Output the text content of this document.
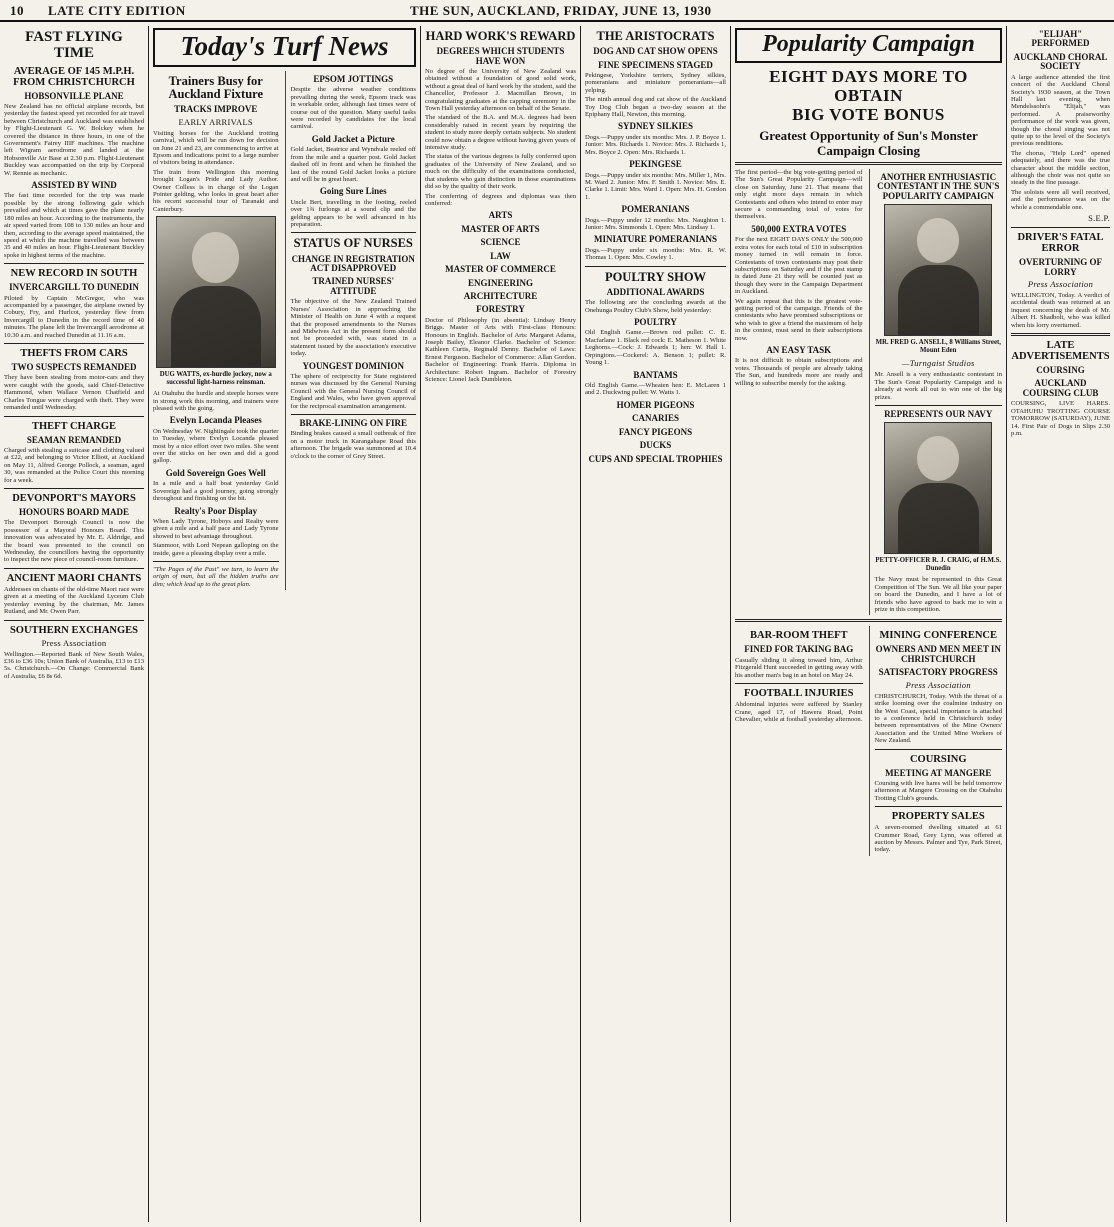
10 LATE CITY EDITION	THE SUN, AUCKLAND, FRIDAY, JUNE 13, 1930
FAST FLYING TIME
AVERAGE OF 145 M.P.H. FROM CHRISTCHURCH
HOBSONVILLE PLANE

New Zealand has no official airplane records, but yesterday the fastest speed yet recorded for air travel between Christchurch and Auckland was established by Flight-Lieutenant G. W. Bolckey when he covered the distance in three hours, in one of the Government's Fairey IIIF machines. The machine left Wigram aerodrome and landed at the Hobsonville Air Base at 2.30 p.m. Flight-Lieutenant Buckley was accompanied on the trip by Corporal W. Rennie as mechanic.

ASSISTED BY WIND

The fast time recorded for the trip was made possible by the strong following gale which prevailed and which at times gave the plane nearly 180 miles an hour. According to the instruments, the air speed varied from 108 to 130 miles an hour and then, according to the average speed maintained, the speed at which the machine travelled was between 35 and 40 miles an hour. Flight-Lieutenant Buckley spoke in highest terms of the machine.

NEW RECORD IN SOUTH
INVERCARGILL TO DUNEDIN

Piloted by Captain McGregor, who was accompanied by a passenger, the airplane owned by Cobury, Fry, and Hurlcot, yesterday flew from Invercargill to Dunedin in the record time of 40 minutes. The plane left the Invercargill aerodrome at 10.30 a.m. and reached Dunedin at 11.16 a.m.

THEFTS FROM CARS
TWO SUSPECTS REMANDED

They have been stealing from motor-cars and they were caught with the goods, said Chief-Detective Hammond, when Wallace Vernon Chatfield and Charles Tongue were charged with theft. They were remanded until Wednesday.

THEFT CHARGE
SEAMAN REMANDED

Charged with stealing a suitcase and clothing valued at £22, and belonging to Victor Elliott, at Auckland on May 11, Alfred George Pollock, a seaman, aged 30, was remanded at the Police Court this morning for a week.

DEVONPORT'S MAYORS
HONOURS BOARD MADE

The Devonport Borough Council is now the possessor of a Mayoral Honours Board. This innovation was advocated by Mr. E. Aldridge, and the board was presented to the council on Wednesday, the councillors having the opportunity to inspect the new piece of council-room furniture.

ANCIENT MAORI CHANTS

Addresses on chants of the old-time Maori race were given at a meeting of the Auckland Lyceum Club yesterday evening by the chairman, Mr. James Rutland, and Mr. Owen Parr.

SOUTHERN EXCHANGES
Press Association

Wellington.—Reported Bank of New South Wales, £36 to £36 10s; Union Bank of Australia, £13 to £13 5s. Christchurch.—On Change: Commercial Bank of Australia, £6 8s 6d.

Today's Turf News
Trainers Busy for Auckland Fixture
TRACKS IMPROVE
EARLY ARRIVALS

Visiting horses for the Auckland trotting carnival, which will be run down for decision on June 21 and 23, are commencing to arrive at Epsom and indications point to a large number of visitors being in attendance.

The train from Wellington this morning brought Logan's Pride and Lady Author. Owner Colless is in charge of the Logan Pointer gelding, who looks in great heart after his recent successful tour of Taranaki and Canterbury.

DUG WATTS, ex-hurdle jockey, now a successful light-harness reinsman.

At Otahuhu the hurdle and steeple horses were in strong work this morning, and trainers were pleased with the going.

Evelyn Locanda Pleases

On Wednesday W. Nightingale took the quarter to Tuesday, where Evelyn Locanda pleased most by a nice effort over two miles. She went over the sticks on her own and did a good gallop.

Gold Sovereign Goes Well

In a mile and a half boat yesterday Gold Sovereign had a good journey, going strongly throughout and finishing on the bit.

Realty's Poor Display

When Lady Tyrone, Hoboys and Realty were given a mile and a half pace and Lady Tyrone showed to best advantage throughout.

Stanmoor, with Lord Nepean galloping on the inside, gave a pleasing display over a mile.

"The Pages of the Past" we turn, to learn the origin of man, but all the hidden truths are dim; which lead up to the great plan.

EPSOM JOTTINGS

Despite the adverse weather conditions prevailing during the week, Epsom track was in workable order, although fast times were of course out of the question. Many useful tasks were recorded by candidates for the local carnival.

Gold Jacket a Picture

Gold Jacket, Beatrice and Wyndvale reeled off from the mile and a quarter post. Gold Jacket dashed off in front and when he finished the last of the round Gold Jacket looks a picture and will be in great heart.

Going Sure Lines

Uncle Bert, travelling in the footing, reeled over 1¾ furlongs at a sound clip and the gelding appears to be well advanced in his preparation.

STATUS OF NURSES
CHANGE IN REGISTRATION ACT DISAPPROVED
TRAINED NURSES' ATTITUDE

The objective of the New Zealand Trained Nurses' Association in approaching the Minister of Health on June 4 with a request that the proposed amendments to the Nurses and Midwives Act in the present form should not be proceeded with, was stated in a statement issued by the association's executive today.

YOUNGEST DOMINION

The sphere of reciprocity for State registered nurses was discussed by the General Nursing Council with the General Nursing Council of England and Wales, who have given approval for the reciprocal examination arrangement.

BRAKE-LINING ON FIRE

Binding brakes caused a small outbreak of fire on a motor truck in Karangahape Road this afternoon. The brigade was summoned at 10.4 o'clock to the corner of Grey Street.

HARD WORK'S REWARD
DEGREES WHICH STUDENTS HAVE WON

No degree of the University of New Zealand was obtained without a foundation of good solid work, without a great deal of hard work by the student, said the Chancellor, Professor J. Macmillan Brown, in congratulating graduates at the capping ceremony in the Town Hall yesterday afternoon on behalf of the Senate.

The standard of the B.A. and M.A. degrees had been considerably raised in recent years by requiring the student to study more deeply certain subjects. No student could now obtain a degree without having given years of intensive study.

The status of the various degrees is fully conferred upon graduates of the University of New Zealand, and so much on the difficulty of the examinations conducted, that students who gain distinction in those examinations did so by the quality of their work.

The conferring of degrees and diplomas was then conferred:

ARTS
MASTER OF ARTS
SCIENCE
LAW
MASTER OF COMMERCE
ENGINEERING
ARCHITECTURE
FORESTRY

Doctor of Philosophy (in absentia): Lindsay Henry Briggs. Master of Arts with First-class Honours: Honours in English. Bachelor of Arts: Margaret Adams, Joseph Bailey, Eleanor Clarke. Bachelor of Science: Kathleen Curtis, Reginald Denny. Bachelor of Laws: Ernest Ferguson. Bachelor of Commerce: Allan Gordon. Bachelor of Engineering: Frank Harris. Diploma in Architecture: Robert Ingram. Bachelor of Forestry Science: Lionel Jack Dumbleton.

THE ARISTOCRATS
DOG AND CAT SHOW OPENS
FINE SPECIMENS STAGED

Pekingese, Yorkshire terriers, Sydney silkies, pomeranians and miniature pomeranians—all yelping.

The ninth annual dog and cat show of the Auckland Toy Dog Club began a two-day season at the Epiphany Hall, Newton, this morning.

SYDNEY SILKIES

Dogs.—Puppy under six months: Mrs. J. P. Boyce 1. Junior: Mrs. Richards 1. Novice: Mrs. J. Richards 1, Mrs. Boyce 2. Open: Mrs. Richards 1.

PEKINGESE

Dogs.—Puppy under six months: Mrs. Miller 1, Mrs. M. Ward 2. Junior: Mrs. F. Smith 1. Novice: Mrs. E. Clarke 1. Limit: Mrs. Ward 1. Open: Mrs. H. Gordon 1.

POMERANIANS

Dogs.—Puppy under 12 months: Mrs. Naughton 1. Junior: Mrs. Simmonds 1. Open: Mrs. Lindsay 1.

MINIATURE POMERANIANS

Dogs.—Puppy under six months: Mrs. R. W. Thomas 1. Open: Mrs. Cowley 1.

POULTRY SHOW
ADDITIONAL AWARDS

The following are the concluding awards at the Onehunga Poultry Club's Show, held yesterday:

POULTRY

Old English Game.—Brown red pullet: C. E. Macfarlane 1. Black red cock: E. Matheson 1. White Leghorns.—Cock: J. Edwards 1; hen: W. Hall 1. Orpingtons.—Cockerel: A. Benson 1; pullet: R. Young 1.

BANTAMS

Old English Game.—Wheaten hen: E. McLaren 1 and 2. Duckwing pullet: W. Watts 1.

HOMER PIGEONS
CANARIES
FANCY PIGEONS
DUCKS
CUPS AND SPECIAL TROPHIES
Popularity Campaign
EIGHT DAYS MORE TO OBTAIN
BIG VOTE BONUS
Greatest Opportunity of Sun's Monster Campaign Closing

The first period—the big vote-getting period of The Sun's Great Popularity Campaign—will close on Saturday, June 21. That means that only eight more days remain in which Contestants and others who intend to enter may secure a commanding total of votes for themselves.

500,000 EXTRA VOTES

For the next EIGHT DAYS ONLY the 500,000 extra votes for each total of £10 in subscription money turned in will remain in force. Contestants of town contestants may post their subscriptions on Saturday and if the post stamp is dated June 21 they will be counted just as though they were in the Campaign Department in Auckland.

We again repeat that this is the greatest vote-getting period of the campaign. Friends of the contestants who have promised subscriptions or who wish to give a friend the maximum of help in the contest, must send in their subscriptions now.

AN EASY TASK

It is not difficult to obtain subscriptions and votes. Thousands of people are already taking The Sun, and hundreds more are ready and willing to subscribe merely for the asking.

ANOTHER ENTHUSIASTIC CONTESTANT IN THE SUN'S POPULARITY CAMPAIGN
MR. FRED G. ANSELL, 8 Williams Street, Mount Eden
—Turngaist Studios

Mr. Ansell is a very enthusiastic contestant in The Sun's Great Popularity Campaign and is already at work all out to win one of the big prizes.

REPRESENTS OUR NAVY
PETTY-OFFICER R. J. CRAIG, of H.M.S. Dunedin

The Navy must be represented in this Great Competition of The Sun. We all like your paper on board the Dunedin, and I have a lot of friends who have agreed to back me to win a prize in this competition.

BAR-ROOM THEFT
FINED FOR TAKING BAG

Casually sliding it along toward him, Arthur Fitzgerald Hunt succeeded in getting away with his another man's bag in an hotel on May 24.

FOOTBALL INJURIES

Abdominal injuries were suffered by Stanley Crane, aged 17, of Hawera Road, Point Chevalier, while at football yesterday afternoon.

MINING CONFERENCE
OWNERS AND MEN MEET IN CHRISTCHURCH
SATISFACTORY PROGRESS
Press Association

CHRISTCHURCH, Today. With the threat of a strike looming over the coalmine industry on the West Coast, special importance is attached to a conference held in Christchurch today between representatives of the Mine Owners' Association and the United Mine Workers of New Zealand.

COURSING
MEETING AT MANGERE

Coursing with live hares will be held tomorrow afternoon at Mangere Crossing on the Otahuhu Trotting Club's grounds.

PROPERTY SALES

A seven-roomed dwelling situated at 61 Crummer Road, Grey Lynn, was offered at auction by Messrs. Palmer and Tye, Park Street, today.

"ELIJAH" PERFORMED
AUCKLAND CHORAL SOCIETY

A large audience attended the first concert of the Auckland Choral Society's 1930 season, at the Town Hall last evening, when Mendelssohn's "Elijah," was performed. A praiseworthy performance of the work was given, though the choral singing was not quite up to the level of the Society's previous renditions.

The chorus, "Help Lord" opened adequately, and there was the true character about the middle section, although the choir was not quite so steady in the fine passage.

The soloists were all well received, and the performance was on the whole a commendable one.

S.E.P.
DRIVER'S FATAL ERROR
OVERTURNING OF LORRY
Press Association

WELLINGTON, Today. A verdict of accidental death was returned at an inquest concerning the death of Mr. Albert H. Shadbolt, who was killed when his lorry overturned.

LATE ADVERTISEMENTS
COURSING
AUCKLAND COURSING CLUB

COURSING, LIVE HARES. OTAHUHU TROTTING COURSE TOMORROW (SATURDAY), JUNE 14. First Pair of Dogs in Slips 2.30 p.m.
